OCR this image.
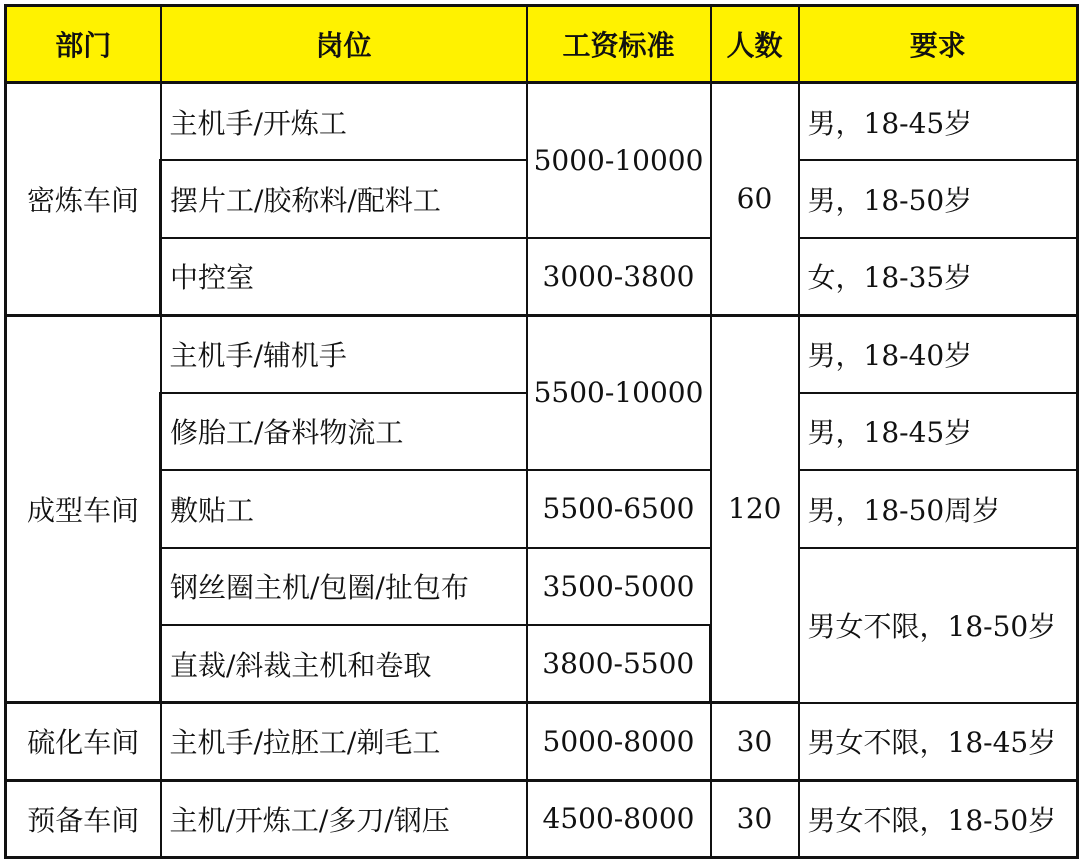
部门	岗位	工资标准	人数	要求
密炼车间	主机手/开炼工	5000-10000	60	男，18-45岁
	摆片工/胶称料/配料工			男，18-50岁
	中控室	3000-3800		女，18-35岁
成型车间	主机手/辅机手	5500-10000	120	男，18-40岁
	修胎工/备料物流工			男，18-45岁
	敷贴工	5500-6500		男，18-50周岁
	钢丝圈主机/包圈/扯包布	3500-5000		男女不限，18-50岁
	直裁/斜裁主机和卷取	3800-5500		
硫化车间	主机手/拉胚工/剃毛工	5000-8000	30	男女不限，18-45岁
预备车间	主机/开炼工/多刀/钢压	4500-8000	30	男女不限，18-50岁
